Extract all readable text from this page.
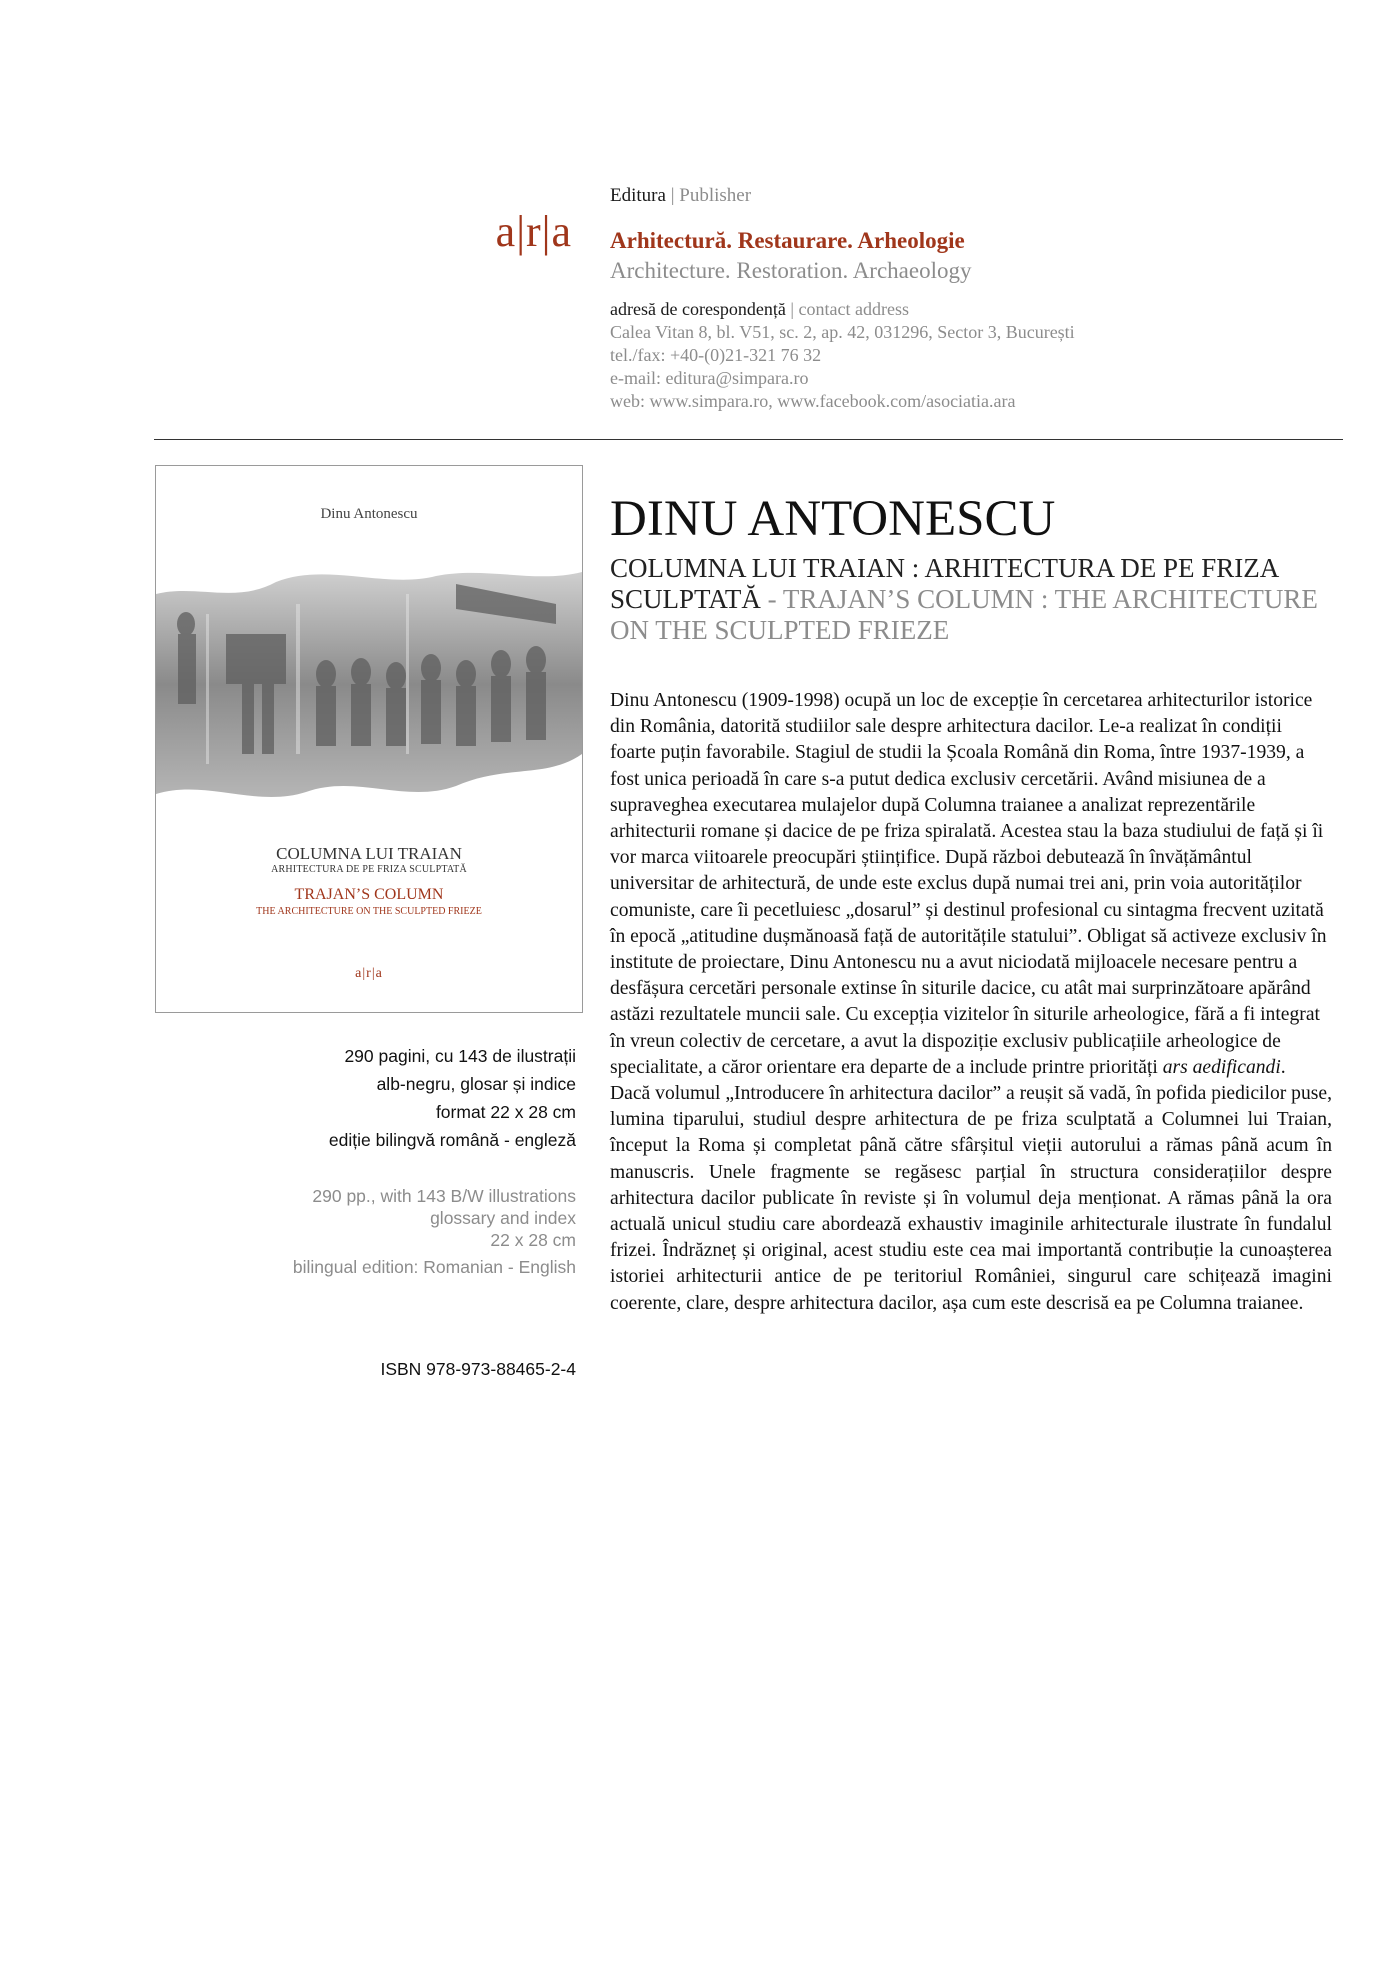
a|r|a
Editura | Publisher
Arhitectură. Restaurare. Arheologie
Architecture. Restoration. Archaeology
adresă de corespondență | contact address
Calea Vitan 8, bl. V51, sc. 2, ap. 42, 031296, Sector 3, București
tel./fax: +40-(0)21-321 76 32
e-mail: editura@simpara.ro
web: www.simpara.ro, www.facebook.com/asociatia.ara
Dinu Antonescu
COLUMNA LUI TRAIAN
ARHITECTURA DE PE FRIZA SCULPTATĂ
TRAJAN’S COLUMN
THE ARCHITECTURE ON THE SCULPTED FRIEZE
a|r|a
290 pagini, cu 143 de ilustrații
alb-negru, glosar și indice
format 22 x 28 cm
ediție bilingvă română - engleză
290 pp., with 143 B/W illustrations
glossary and index
22 x 28 cm
bilingual edition: Romanian - English
ISBN 978-973-88465-2-4
DINU ANTONESCU
COLUMNA LUI TRAIAN : ARHITECTURA DE PE FRIZA SCULPTATĂ - TRAJAN’S COLUMN : THE ARCHITECTURE ON THE SCULPTED FRIEZE

Dinu Antonescu (1909-1998) ocupă un loc de excepție în cercetarea arhitecturilor istorice din România, datorită studiilor sale despre arhitectura dacilor. Le-a realizat în condiții foarte puțin favorabile. Stagiul de studii la Școala Română din Roma, între 1937-1939, a fost unica perioadă în care s-a putut dedica exclusiv cercetării. Având misiunea de a supraveghea executarea mulajelor după Columna traianee a analizat reprezentările arhitecturii romane și dacice de pe friza spiralată. Acestea stau la baza studiului de față și îi vor marca viitoarele preocupări științifice. După război debutează în învățământul universitar de arhitectură, de unde este exclus după numai trei ani, prin voia autorităților comuniste, care îi pecetluiesc „dosarul” și destinul profesional cu sintagma frecvent uzitată în epocă „atitudine dușmănoasă față de autoritățile statului”. Obligat să activeze exclusiv în institute de proiectare, Dinu Antonescu nu a avut niciodată mijloacele necesare pentru a desfășura cercetări personale extinse în siturile dacice, cu atât mai surprinzătoare apărând astăzi rezultatele muncii sale. Cu excepția vizitelor în siturile arheologice, fără a fi integrat în vreun colectiv de cercetare, a avut la dispoziție exclusiv publicațiile arheologice de specialitate, a căror orientare era departe de a include printre priorități ars aedificandi.

Dacă volumul „Introducere în arhitectura dacilor” a reușit să vadă, în pofida piedicilor puse, lumina tiparului, studiul despre arhitectura de pe friza sculptată a Columnei lui Traian, început la Roma și completat până către sfârșitul vieții autorului a rămas până acum în manuscris. Unele fragmente se regăsesc parțial în structura considerațiilor despre arhitectura dacilor publicate în reviste și în volumul deja menționat. A rămas până la ora actuală unicul studiu care abordează exhaustiv imaginile arhitecturale ilustrate în fundalul frizei. Îndrăzneț și original, acest studiu este cea mai importantă contribuție la cunoașterea istoriei arhitecturii antice de pe teritoriul României, singurul care schițează imagini coerente, clare, despre arhitectura dacilor, așa cum este descrisă ea pe Columna traianee.
